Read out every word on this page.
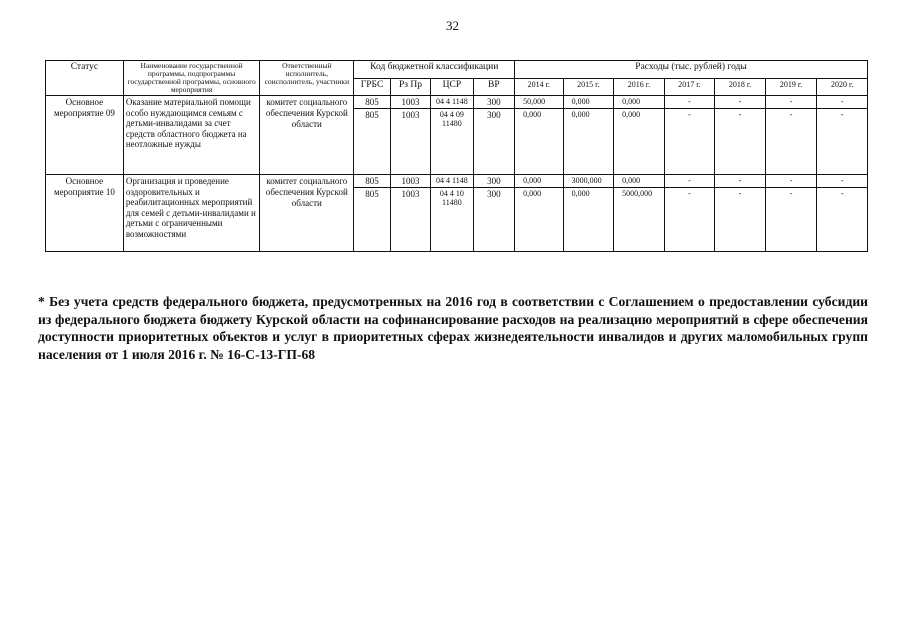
32
Статус	Наименование государственной программы, подпрограммы государственной программы, основного мероприятия	Ответственный исполнитель, соисполнитель, участники	Код бюджетной классификации				Расходы (тыс. рублей) годы						
			ГРБС	Рз Пр	ЦСР	ВР	2014 г.	2015 г.	2016 г.	2017 г.	2018 г.	2019 г.	2020 г.
Основное мероприятие 09	Оказание материальной помощи особо нуждающимся семьям с детьми-инвалидами за счет средств областного бюджета на неотложные нужды	комитет социального обеспечения Курской области	805	1003	04 4 1148	300	50,000	0,000	0,000	-	-	-	-
			805	1003	04 4 09 11480	300	0,000	0,000	0,000	-	-	-	-
Основное мероприятие 10	Организация и проведение оздоровительных и реабилитационных мероприятий для семей с детьми-инвалидами и детьми с ограниченными возможностями	комитет социального обеспечения Курской области	805	1003	04 4 1148	300	0,000	3000,000	0,000	-	-	-	-
			805	1003	04 4 10 11480	300	0,000	0,000	5000,000	-	-	-	-
* Без учета средств федерального бюджета, предусмотренных на 2016 год в соответствии с Соглашением о предоставлении субсидии из федерального бюджета бюджету Курской области на софинансирование расходов на реализацию мероприятий в сфере обеспечения доступности приоритетных объектов и услуг в приоритетных сферах жизнедеятельности инвалидов и других маломобильных групп населения от 1 июля 2016 г. № 16-С-13-ГП-68
